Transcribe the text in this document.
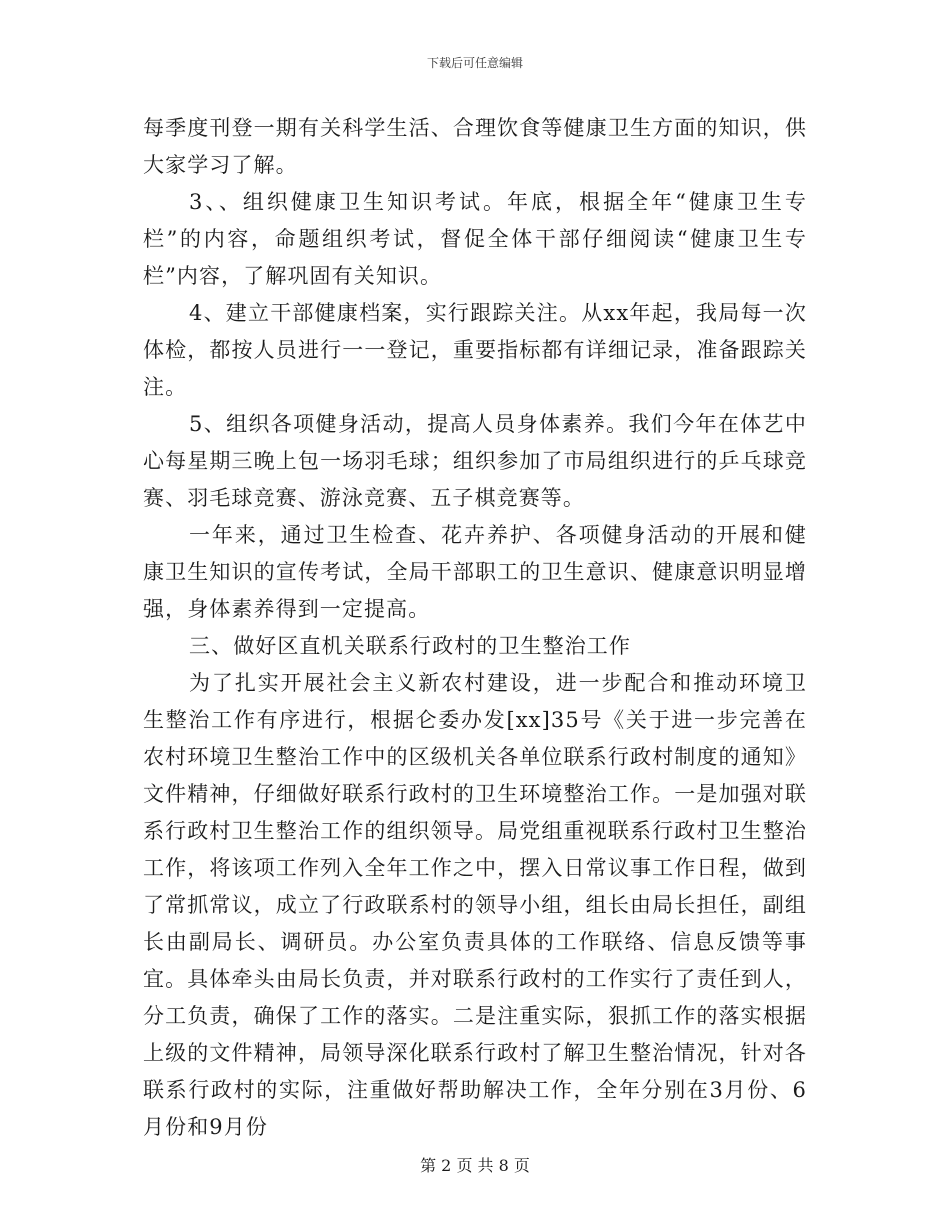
下载后可任意编辑

每季度刊登一期有关科学生活、合理饮食等健康卫生方面的知识，供大家学习了解。

3、、组织健康卫生知识考试。年底，根据全年“健康卫生专栏”的内容，命题组织考试，督促全体干部仔细阅读“健康卫生专栏”内容，了解巩固有关知识。

4、建立干部健康档案，实行跟踪关注。从xx年起，我局每一次体检，都按人员进行一一登记，重要指标都有详细记录，准备跟踪关注。

5、组织各项健身活动，提高人员身体素养。我们今年在体艺中心每星期三晚上包一场羽毛球；组织参加了市局组织进行的乒乓球竞赛、羽毛球竞赛、游泳竞赛、五子棋竞赛等。

一年来，通过卫生检查、花卉养护、各项健身活动的开展和健康卫生知识的宣传考试，全局干部职工的卫生意识、健康意识明显增强，身体素养得到一定提高。

三、做好区直机关联系行政村的卫生整治工作

为了扎实开展社会主义新农村建设，进一步配合和推动环境卫生整治工作有序进行，根据仑委办发[xx]35号《关于进一步完善在农村环境卫生整治工作中的区级机关各单位联系行政村制度的通知》文件精神，仔细做好联系行政村的卫生环境整治工作。一是加强对联系行政村卫生整治工作的组织领导。局党组重视联系行政村卫生整治工作，将该项工作列入全年工作之中，摆入日常议事工作日程，做到了常抓常议，成立了行政联系村的领导小组，组长由局长担任，副组长由副局长、调研员。办公室负责具体的工作联络、信息反馈等事宜。具体牵头由局长负责，并对联系行政村的工作实行了责任到人，分工负责，确保了工作的落实。二是注重实际，狠抓工作的落实根据上级的文件精神，局领导深化联系行政村了解卫生整治情况，针对各联系行政村的实际，注重做好帮助解决工作，全年分别在3月份、6月份和9月份

第 2 页 共 8 页
